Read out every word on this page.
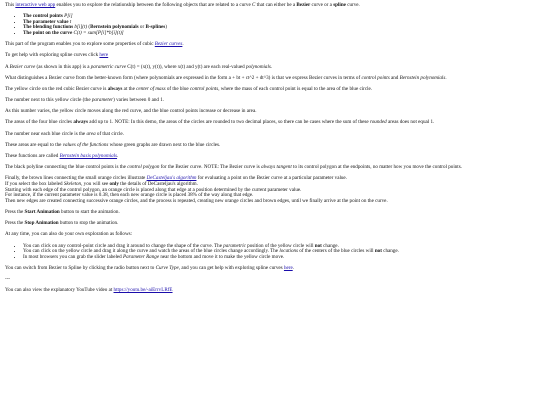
This interactive web app enables you to explore the relationship between the following objects that are related to a curve C that can either be a Bezier curve or a spline curve.

• The control points P[i]
• The parameter value t
• The blending functions b[i](t) (Bernstein polynomials or B-splines)
• The point on the curve C(t) = sum[P[i]*b[i](t)]

This part of the program enables you to explore some properties of cubic Bezier curves.

To get help with exploring spline curves click here

A Bezier curve (as shown in this app) is a parametric curve C(t) = (x(t), y(t)), where x(t) and y(t) are each real-valued polynomials.

What distinguishes a Bezier curve from the better-known form (where polynomials are expressed in the form a + bt + ct^2 + dt^3) is that we express Bezier curves in terms of control points and Bernstein polynomials.

The yellow circle on the red cubic Bezier curve is always at the center of mass of the blue control points, where the mass of each control point is equal to the area of the blue circle.

The number next to this yellow circle (the parameter) varies between 0 and 1.

As this number varies, the yellow circle moves along the red curve, and the blue control points increase or decrease in area.

The areas of the four blue circles always add up to 1. NOTE: In this demo, the areas of the circles are rounded to two decimal places, so there can be cases where the sum of these rounded areas does not equal 1.

The number near each blue circle is the area of that circle.

These areas are equal to the values of the functions whose green graphs are drawn next to the blue circles.

These functions are called Bernstein basis polynomials.

The black polyline connecting the blue control points is the control polygon for the Bezier curve. NOTE: The Bezier curve is always tangent to its control polygon at the endpoints, no matter how you move the control points.

Finally, the brown lines connecting the small orange circles illustrate DeCasteljau's algorithm for evaluating a point on the Bezier curve at a particular parameter value.
If you select the box labeled Skeleton, you will see only the details of DeCasteljau's algorithm.
Starting with each edge of the control polygon, an orange circle is placed along that edge at a position determined by the current parameter value.
For instance, if the current parameter value is 0.38, then each new orange circle is placed 38% of the way along that edge.
Then new edges are created connecting successive orange circles, and the process is repeated, creating new orange circles and brown edges, until we finally arrive at the point on the curve.

Press the Start Animation button to start the animation.

Press the Stop Animation button to stop the animation.

At any time, you can also do your own exploration as follows:

• You can click on any control-point circle and drag it around to change the shape of the curve. The parametric position of the yellow circle will not change.
• You can click on the yellow circle and drag it along the curve and watch the areas of the blue circles change accordingly. The locations of the centers of the blue circles will not change.
• In most browsers you can grab the slider labeled Parameter Range near the bottom and move it to make the yellow circle move.

You can switch from Bezier to Spline by clicking the radio button next to Curve Type, and you can get help with exploring spline curves here.

---

You can also view the explanatory YouTube video at https://youtu.be/-aiErrvLRfE
